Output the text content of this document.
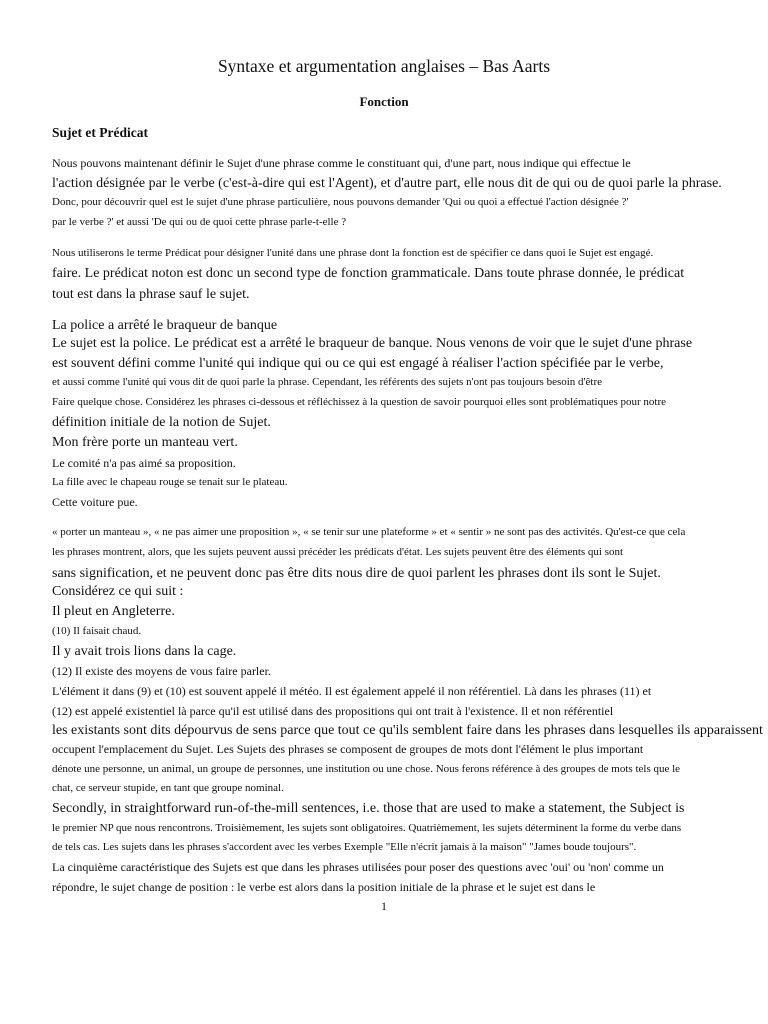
Syntaxe et argumentation anglaises – Bas Aarts
Fonction
Sujet et Prédicat
Nous pouvons maintenant définir le Sujet d'une phrase comme le constituant qui, d'une part, nous indique qui effectue le
l'action désignée par le verbe (c'est-à-dire qui est l'Agent), et d'autre part, elle nous dit de qui ou de quoi parle la phrase.
Donc, pour découvrir quel est le sujet d'une phrase particulière, nous pouvons demander 'Qui ou quoi a effectué l'action désignée ?'
par le verbe ?' et aussi 'De qui ou de quoi cette phrase parle-t-elle ?
Nous utiliserons le terme Prédicat pour désigner l'unité dans une phrase dont la fonction est de spécifier ce dans quoi le Sujet est engagé.
faire. Le prédicat noton est donc un second type de fonction grammaticale. Dans toute phrase donnée, le prédicat
tout est dans la phrase sauf le sujet.
La police a arrêté le braqueur de banque
Le sujet est la police. Le prédicat est a arrêté le braqueur de banque. Nous venons de voir que le sujet d'une phrase
est souvent défini comme l'unité qui indique qui ou ce qui est engagé à réaliser l'action spécifiée par le verbe,
et aussi comme l'unité qui vous dit de quoi parle la phrase. Cependant, les référents des sujets n'ont pas toujours besoin d'être
Faire quelque chose. Considérez les phrases ci-dessous et réfléchissez à la question de savoir pourquoi elles sont problématiques pour notre
définition initiale de la notion de Sujet.
Mon frère porte un manteau vert.
Le comité n'a pas aimé sa proposition.
La fille avec le chapeau rouge se tenait sur le plateau.
Cette voiture pue.
« porter un manteau », « ne pas aimer une proposition », « se tenir sur une plateforme » et « sentir » ne sont pas des activités. Qu'est-ce que cela
les phrases montrent, alors, que les sujets peuvent aussi précéder les prédicats d'état. Les sujets peuvent être des éléments qui sont
sans signification, et ne peuvent donc pas être dits nous dire de quoi parlent les phrases dont ils sont le Sujet.
Considérez ce qui suit :
Il pleut en Angleterre.
(10) Il faisait chaud.
Il y avait trois lions dans la cage.
(12) Il existe des moyens de vous faire parler.
L'élément it dans (9) et (10) est souvent appelé il météo. Il est également appelé il non référentiel. Là dans les phrases (11) et
(12) est appelé existentiel là parce qu'il est utilisé dans des propositions qui ont trait à l'existence. Il et non référentiel
les existants sont dits dépourvus de sens parce que tout ce qu'ils semblent faire dans les phrases dans lesquelles ils apparaissent
occupent l'emplacement du Sujet. Les Sujets des phrases se composent de groupes de mots dont l'élément le plus important
dénote une personne, un animal, un groupe de personnes, une institution ou une chose. Nous ferons référence à des groupes de mots tels que le
chat, ce serveur stupide, en tant que groupe nominal.
Secondly, in straightforward run-of-the-mill sentences, i.e. those that are used to make a statement, the Subject is
le premier NP que nous rencontrons. Troisièmement, les sujets sont obligatoires. Quatrièmement, les sujets déterminent la forme du verbe dans
de tels cas. Les sujets dans les phrases s'accordent avec les verbes Exemple "Elle n'écrit jamais à la maison" "James boude toujours".
La cinquième caractéristique des Sujets est que dans les phrases utilisées pour poser des questions avec 'oui' ou 'non' comme un
répondre, le sujet change de position : le verbe est alors dans la position initiale de la phrase et le sujet est dans le
1
